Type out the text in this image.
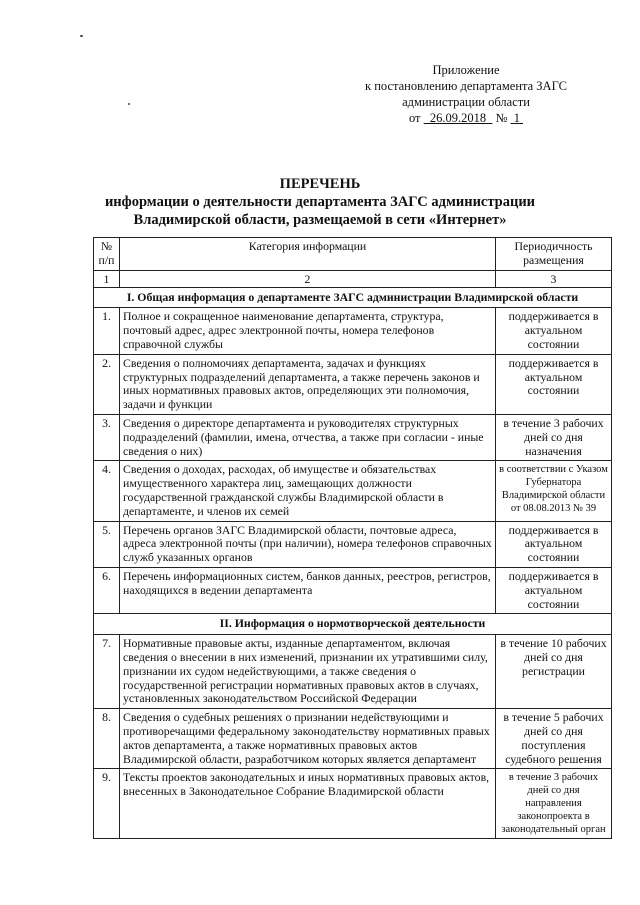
Приложение
к постановлению департамента ЗАГС
администрации области
от 26.09.2018 № 1
ПЕРЕЧЕНЬ
информации о деятельности департамента ЗАГС администрации
Владимирской области, размещаемой в сети «Интернет»
№ п/п	Категория информации	Периодичность размещения
1	2	3
I. Общая информация о департаменте ЗАГС администрации Владимирской области		
1.	Полное и сокращенное наименование департамента, структура, почтовый адрес, адрес электронной почты, номера телефонов справочной службы	поддерживается в актуальном состоянии
2.	Сведения о полномочиях департамента, задачах и функциях структурных подразделений департамента, а также перечень законов и иных нормативных правовых актов, определяющих эти полномочия, задачи и функции	поддерживается в актуальном состоянии
3.	Сведения о директоре департамента и руководителях структурных подразделений (фамилии, имена, отчества, а также при согласии - иные сведения о них)	в течение 3 рабочих дней со дня назначения
4.	Сведения о доходах, расходах, об имуществе и обязательствах имущественного характера лиц, замещающих должности государственной гражданской службы Владимирской области в департаменте, и членов их семей	в соответствии с Указом Губернатора Владимирской области от 08.08.2013 № 39
5.	Перечень органов ЗАГС Владимирской области, почтовые адреса, адреса электронной почты (при наличии), номера телефонов справочных служб указанных органов	поддерживается в актуальном состоянии
6.	Перечень информационных систем, банков данных, реестров, регистров, находящихся в ведении департамента	поддерживается в актуальном состоянии
II. Информация о нормотворческой деятельности		
7.	Нормативные правовые акты, изданные департаментом, включая сведения о внесении в них изменений, признании их утратившими силу, признании их судом недействующими, а также сведения о государственной регистрации нормативных правовых актов в случаях, установленных законодательством Российской Федерации	в течение 10 рабочих дней со дня регистрации
8.	Сведения о судебных решениях о признании недействующими и противоречащими федеральному законодательству нормативных правых актов департамента, а также нормативных правовых актов Владимирской области, разработчиком которых является департамент	в течение 5 рабочих дней со дня поступления судебного решения
9.	Тексты проектов законодательных и иных нормативных правовых актов, внесенных в Законодательное Собрание Владимирской области	в течение 3 рабочих дней со дня направления законопроекта в законодательный орган
